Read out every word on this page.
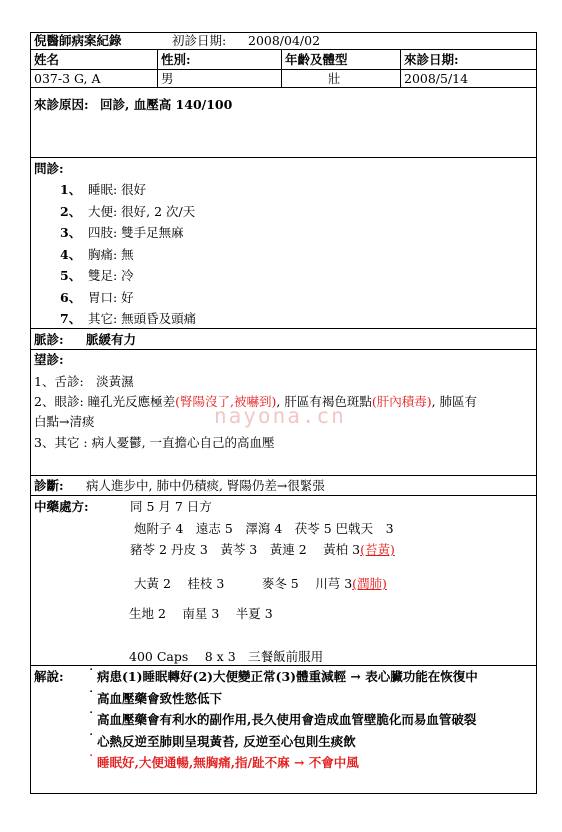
倪醫師病案紀錄	初診日期: 2008/04/02
姓名	性別:	年齡及體型	來診日期:
037-3 G, A	男	壯	2008/5/14
來診原因: 回診, 血壓高 140/100
問診:
1、 睡眠: 很好
2、 大便: 很好, 2 次/天
3、 四肢: 雙手足無麻
4、 胸痛: 無
5、 雙足: 冷
6、 胃口: 好
7、 其它: 無頭昏及頭痛
脈診: 脈緩有力
望診:
1、舌診:　淡黃濕
2、眼診: 瞳孔光反應極差(腎陽沒了,被嚇到), 肝區有褐色斑點(肝內積毒), 肺區有
白點→清痰
3、其它 : 病人憂鬱, 一直擔心自己的高血壓
nayona.cn
診斷: 病人進步中, 肺中仍積痰, 腎陽仍差→很緊張
中藥處方:	同 5 月 7 日方
炮附子 4　遠志 5　澤瀉 4　茯苓 5 巴戟天　3
豬苓 2 丹皮 3　黃芩 3　黃連 2　 黃柏 3(苔黃)
大黃 2　 桂枝 3　　　麥冬 5　 川芎 3(潤肺)
生地 2　 南星 3　 半夏 3
400 Caps　 8 x 3　三餐飯前服用
解說: ˙ 病患(1)睡眠轉好(2)大便變正常(3)體重減輕 → 表心臟功能在恢復中
˙ 高血壓藥會致性慾低下
˙ 高血壓藥會有利水的副作用,長久使用會造成血管壁脆化而易血管破裂
˙ 心熱反逆至肺則呈現黃苔, 反逆至心包則生痰飲
˙ 睡眠好,大便通暢,無胸痛,指/趾不麻 → 不會中風
